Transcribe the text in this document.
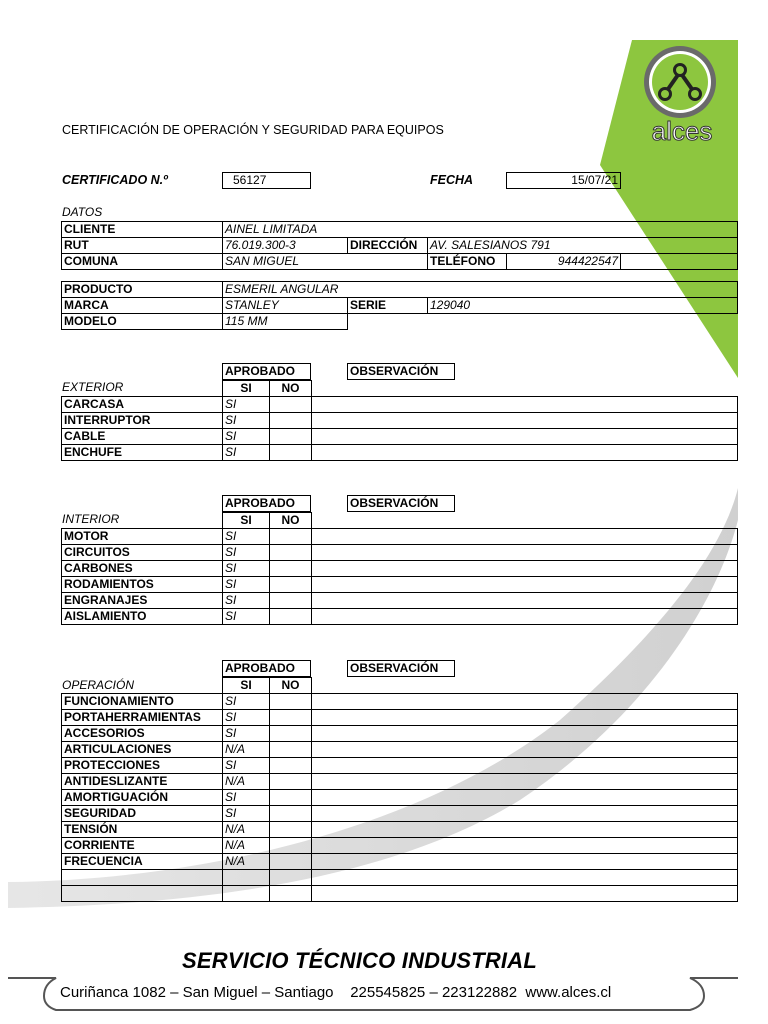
alces
CERTIFICACIÓN DE OPERACIÓN Y SEGURIDAD PARA EQUIPOS
CERTIFICADO N.º	56127	FECHA	15/07/21
DATOS
CLIENTE	AINEL LIMITADA				
RUT	76.019.300-3	DIRECCIÓN	AV. SALESIANOS 791		
COMUNA	SAN MIGUEL		TELÉFONO	944422547	
PRODUCTO	ESMERIL ANGULAR		
MARCA	STANLEY	SERIE	129040
MODELO	115 MM		
APROBADO	OBSERVACIÓN
EXTERIOR
		SI	NO	
CARCASA	SI		
INTERRUPTOR	SI		
CABLE	SI		
ENCHUFE	SI		
APROBADO	OBSERVACIÓN
INTERIOR
		SI	NO	
MOTOR	SI		
CIRCUITOS	SI		
CARBONES	SI		
RODAMIENTOS	SI		
ENGRANAJES	SI		
AISLAMIENTO	SI		
APROBADO	OBSERVACIÓN
OPERACIÓN
		SI	NO	
FUNCIONAMIENTO	SI		
PORTAHERRAMIENTAS	SI		
ACCESORIOS	SI		
ARTICULACIONES	N/A		
PROTECCIONES	SI		
ANTIDESLIZANTE	N/A		
AMORTIGUACIÓN	SI		
SEGURIDAD	SI		
TENSIÓN	N/A		
CORRIENTE	N/A		
FRECUENCIA	N/A		

SERVICIO TÉCNICO INDUSTRIAL
Curiñanca 1082 – San Miguel – Santiago    225545825 – 223122882  www.alces.cl
